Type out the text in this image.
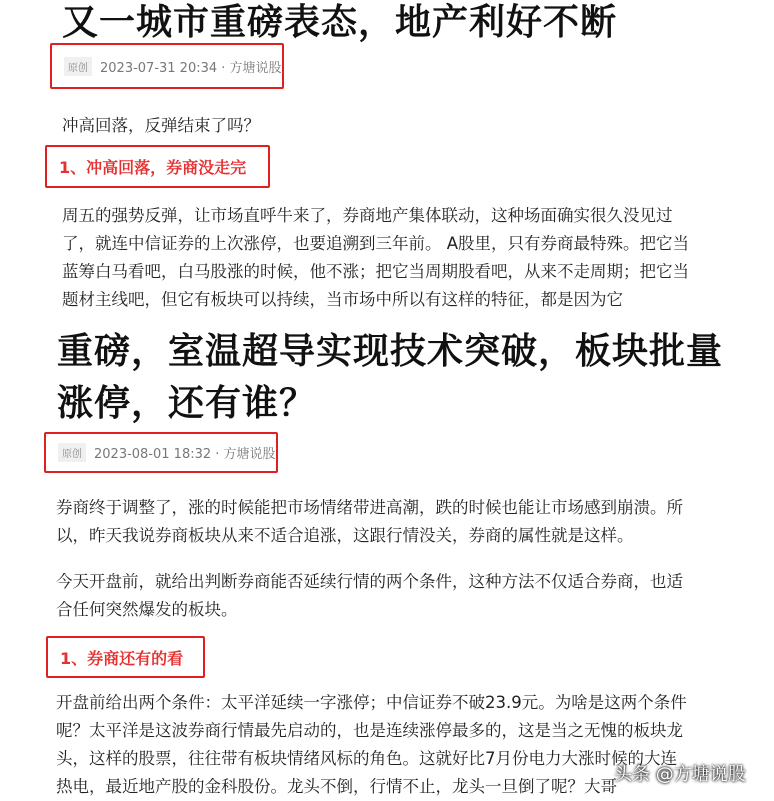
又一城市重磅表态，地产利好不断
原创 2023-07-31 20:34 · 方塘说股
冲高回落，反弹结束了吗？
1、冲高回落，券商没走完
周五的强势反弹，让市场直呼牛来了，券商地产集体联动，这种场面确实很久没见过了，就连中信证券的上次涨停，也要追溯到三年前。 A股里，只有券商最特殊。把它当蓝筹白马看吧，白马股涨的时候，他不涨；把它当周期股看吧，从来不走周期；把它当题材主线吧，但它有板块可以持续，当市场中所以有这样的特征，都是因为它
重磅，室温超导实现技术突破，板块批量
涨停，还有谁？
原创 2023-08-01 18:32 · 方塘说股
券商终于调整了，涨的时候能把市场情绪带进高潮，跌的时候也能让市场感到崩溃。所以，昨天我说券商板块从来不适合追涨，这跟行情没关，券商的属性就是这样。
今天开盘前，就给出判断券商能否延续行情的两个条件，这种方法不仅适合券商，也适合任何突然爆发的板块。
1、券商还有的看
开盘前给出两个条件：太平洋延续一字涨停；中信证券不破23.9元。为啥是这两个条件呢？太平洋是这波券商行情最先启动的，也是连续涨停最多的，这是当之无愧的板块龙头，这样的股票，往往带有板块情绪风标的角色。这就好比7月份电力大涨时候的大连热电，最近地产股的金科股份。龙头不倒，行情不止，龙头一旦倒了呢？大哥
头条 @方塘说股
